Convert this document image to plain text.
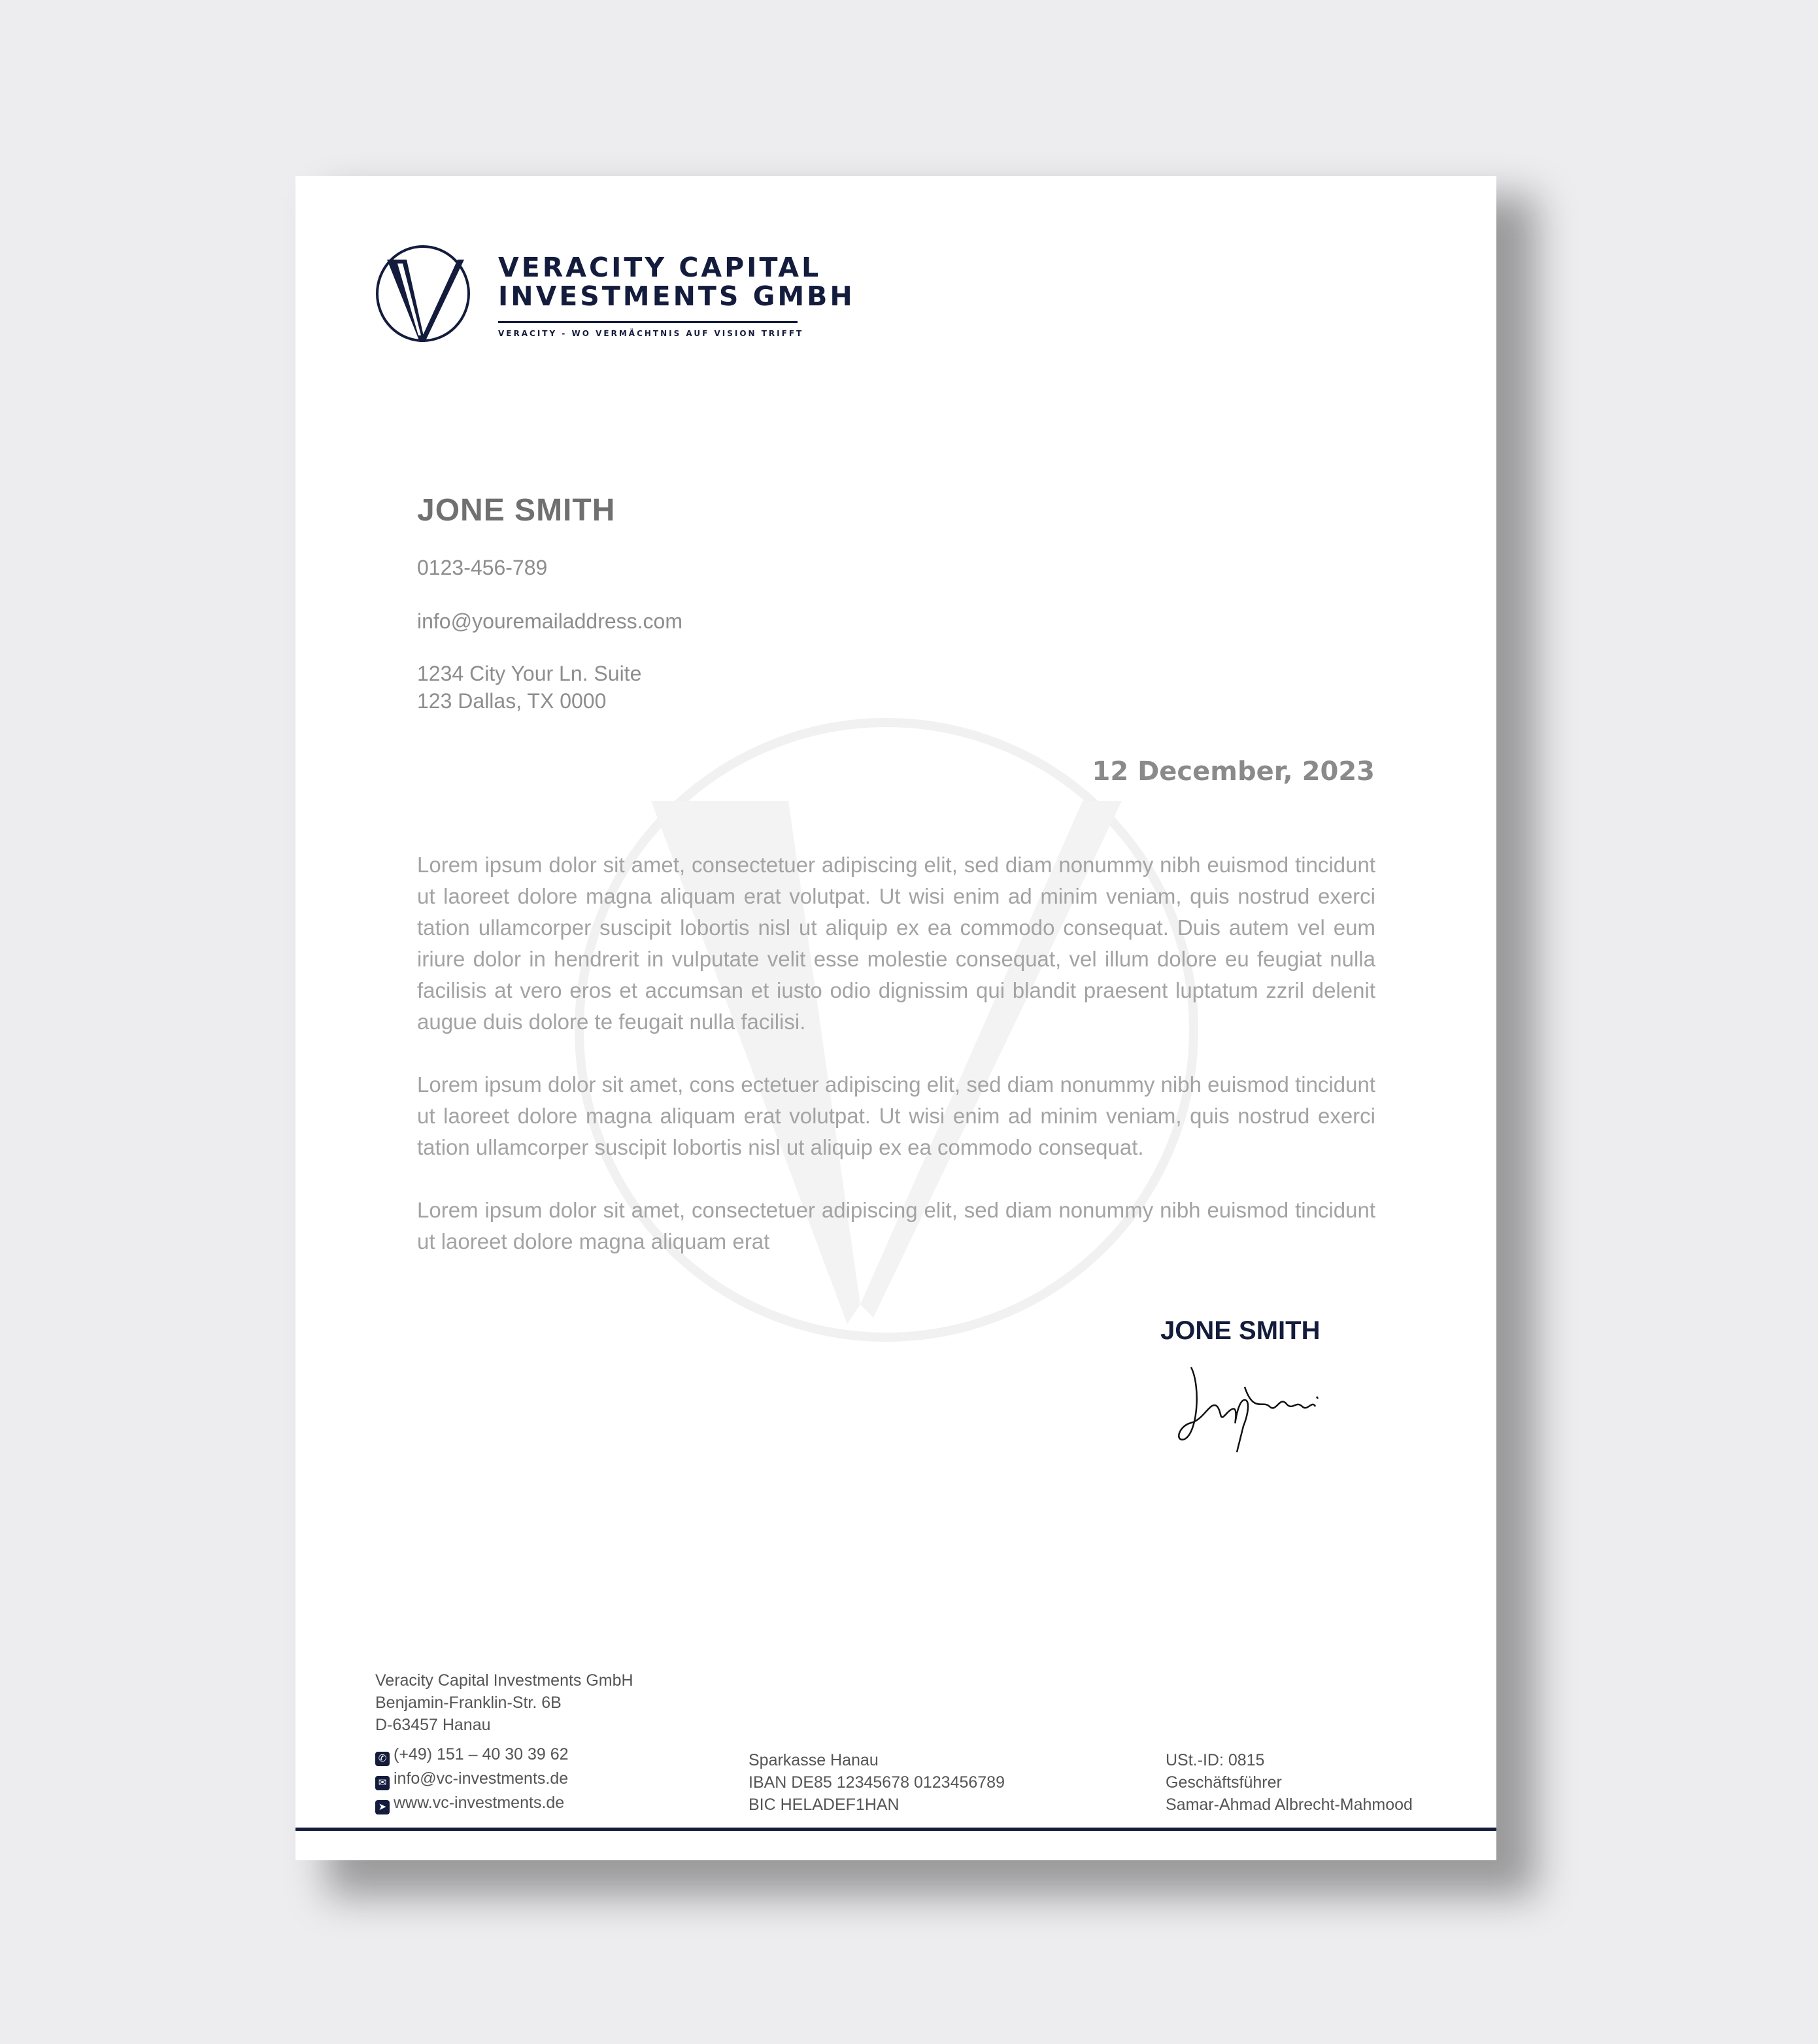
VERACITY CAPITAL
INVESTMENTS GMBH
VERACITY - WO VERMÄCHTNIS AUF VISION TRIFFT
JONE SMITH
0123-456-789
info@youremailaddress.com
1234 City Your Ln. Suite
123 Dallas, TX 0000
12 December, 2023
Lorem ipsum dolor sit amet, consectetuer adipiscing elit, sed diam nonummy nibh euismod tincidunt ut laoreet dolore magna aliquam erat volutpat. Ut wisi enim ad minim veniam, quis nostrud exerci tation ullamcorper suscipit lobortis nisl ut aliquip ex ea commodo consequat. Duis autem vel eum iriure dolor in hendrerit in vulputate velit esse molestie consequat, vel illum dolore eu feugiat nulla facilisis at vero eros et accumsan et iusto odio dignissim qui blandit praesent luptatum zzril delenit augue duis dolore te feugait nulla facilisi.
Lorem ipsum dolor sit amet, cons ectetuer adipiscing elit, sed diam nonummy nibh euismod tincidunt ut laoreet dolore magna aliquam erat volutpat. Ut wisi enim ad minim veniam, quis nostrud exerci tation ullamcorper suscipit lobortis nisl ut aliquip ex ea commodo consequat.
Lorem ipsum dolor sit amet, consectetuer adipiscing elit, sed diam nonummy nibh euismod tincidunt ut laoreet dolore magna aliquam erat
JONE SMITH
Veracity Capital Investments GmbH
Benjamin-Franklin-Str. 6B
D-63457 Hanau
✆ (+49) 151 – 40 30 39 62
✉ info@vc-investments.de
➤ www.vc-investments.de
Sparkasse Hanau
IBAN DE85 12345678 0123456789
BIC HELADEF1HAN
USt.-ID: 0815
Geschäftsführer
Samar-Ahmad Albrecht-Mahmood
